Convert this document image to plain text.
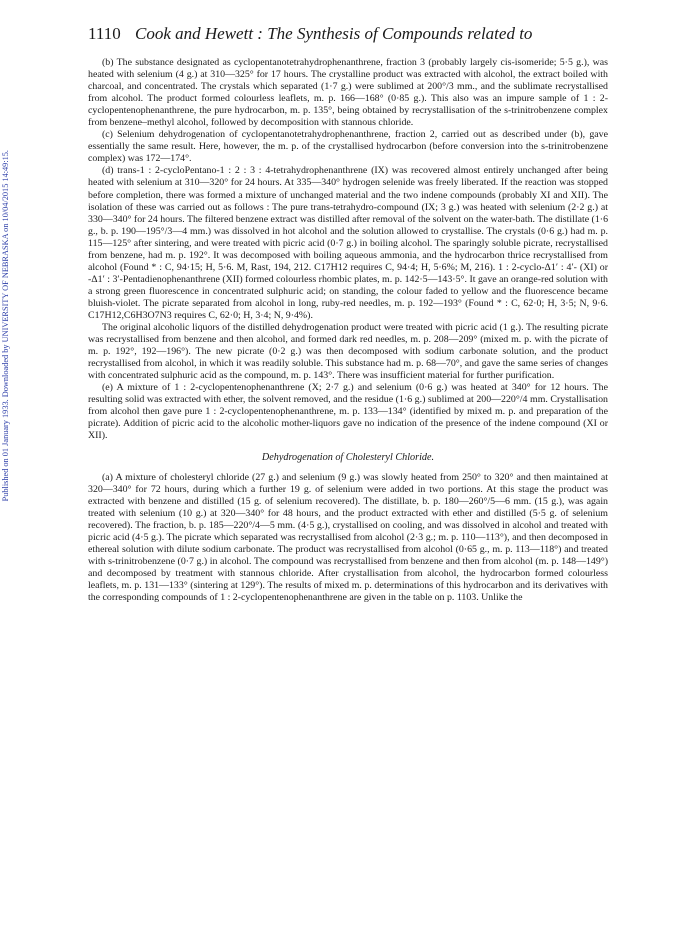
Published on 01 January 1933. Downloaded by UNIVERSITY OF NEBRASKA on 10/04/2015 14:49:15.
1110 Cook and Hewett : The Synthesis of Compounds related to

(b) The substance designated as cyclopentanotetrahydrophenanthrene, fraction 3 (probably largely cis-isomeride; 5·5 g.), was heated with selenium (4 g.) at 310—325° for 17 hours. The crystalline product was extracted with alcohol, the extract boiled with charcoal, and concentrated. The crystals which separated (1·7 g.) were sublimed at 200°/3 mm., and the sublimate recrystallised from alcohol. The product formed colourless leaflets, m. p. 166—168° (0·85 g.). This also was an impure sample of 1 : 2-cyclopentenophenanthrene, the pure hydrocarbon, m. p. 135°, being obtained by recrystallisation of the s-trinitrobenzene complex from benzene–methyl alcohol, followed by decomposition with stannous chloride.

(c) Selenium dehydrogenation of cyclopentanotetrahydrophenanthrene, fraction 2, carried out as described under (b), gave essentially the same result. Here, however, the m. p. of the crystallised hydrocarbon (before conversion into the s-trinitrobenzene complex) was 172—174°.

(d) trans-1 : 2-cycloPentano-1 : 2 : 3 : 4-tetrahydrophenanthrene (IX) was recovered almost entirely unchanged after being heated with selenium at 310—320° for 24 hours. At 335—340° hydrogen selenide was freely liberated. If the reaction was stopped before completion, there was formed a mixture of unchanged material and the two indene compounds (probably XI and XII). The isolation of these was carried out as follows : The pure trans-tetrahydro-compound (IX; 3 g.) was heated with selenium (2·2 g.) at 330—340° for 24 hours. The filtered benzene extract was distilled after removal of the solvent on the water-bath. The distillate (1·6 g., b. p. 190—195°/3—4 mm.) was dissolved in hot alcohol and the solution allowed to crystallise. The crystals (0·6 g.) had m. p. 115—125° after sintering, and were treated with picric acid (0·7 g.) in boiling alcohol. The sparingly soluble picrate, recrystallised from benzene, had m. p. 192°. It was decomposed with boiling aqueous ammonia, and the hydrocarbon thrice recrystallised from alcohol (Found * : C, 94·15; H, 5·6. M, Rast, 194, 212. C17H12 requires C, 94·4; H, 5·6%; M, 216). 1 : 2-cyclo-Δ1′ : 4′- (XI) or -Δ1′ : 3′-Pentadienophenanthrene (XII) formed colourless rhombic plates, m. p. 142·5—143·5°. It gave an orange-red solution with a strong green fluorescence in concentrated sulphuric acid; on standing, the colour faded to yellow and the fluorescence became bluish-violet. The picrate separated from alcohol in long, ruby-red needles, m. p. 192—193° (Found * : C, 62·0; H, 3·5; N, 9·6. C17H12,C6H3O7N3 requires C, 62·0; H, 3·4; N, 9·4%).

The original alcoholic liquors of the distilled dehydrogenation product were treated with picric acid (1 g.). The resulting picrate was recrystallised from benzene and then alcohol, and formed dark red needles, m. p. 208—209° (mixed m. p. with the picrate of m. p. 192°, 192—196°). The new picrate (0·2 g.) was then decomposed with sodium carbonate solution, and the product recrystallised from alcohol, in which it was readily soluble. This substance had m. p. 68—70°, and gave the same series of changes with concentrated sulphuric acid as the compound, m. p. 143°. There was insufficient material for further purification.

(e) A mixture of 1 : 2-cyclopentenophenanthrene (X; 2·7 g.) and selenium (0·6 g.) was heated at 340° for 12 hours. The resulting solid was extracted with ether, the solvent removed, and the residue (1·6 g.) sublimed at 200—220°/4 mm. Crystallisation from alcohol then gave pure 1 : 2-cyclopentenophenanthrene, m. p. 133—134° (identified by mixed m. p. and preparation of the picrate). Addition of picric acid to the alcoholic mother-liquors gave no indication of the presence of the indene compound (XI or XII).

Dehydrogenation of Cholesteryl Chloride.

(a) A mixture of cholesteryl chloride (27 g.) and selenium (9 g.) was slowly heated from 250° to 320° and then maintained at 320—340° for 72 hours, during which a further 19 g. of selenium were added in two portions. At this stage the product was extracted with benzene and distilled (15 g. of selenium recovered). The distillate, b. p. 180—260°/5—6 mm. (15 g.), was again treated with selenium (10 g.) at 320—340° for 48 hours, and the product extracted with ether and distilled (5·5 g. of selenium recovered). The fraction, b. p. 185—220°/4—5 mm. (4·5 g.), crystallised on cooling, and was dissolved in alcohol and treated with picric acid (4·5 g.). The picrate which separated was recrystallised from alcohol (2·3 g.; m. p. 110—113°), and then decomposed in ethereal solution with dilute sodium carbonate. The product was recrystallised from alcohol (0·65 g., m. p. 113—118°) and treated with s-trinitrobenzene (0·7 g.) in alcohol. The compound was recrystallised from benzene and then from alcohol (m. p. 148—149°) and decomposed by treatment with stannous chloride. After crystallisation from alcohol, the hydrocarbon formed colourless leaflets, m. p. 131—133° (sintering at 129°). The results of mixed m. p. determinations of this hydrocarbon and its derivatives with the corresponding compounds of 1 : 2-cyclopentenophenanthrene are given in the table on p. 1103. Unlike the
